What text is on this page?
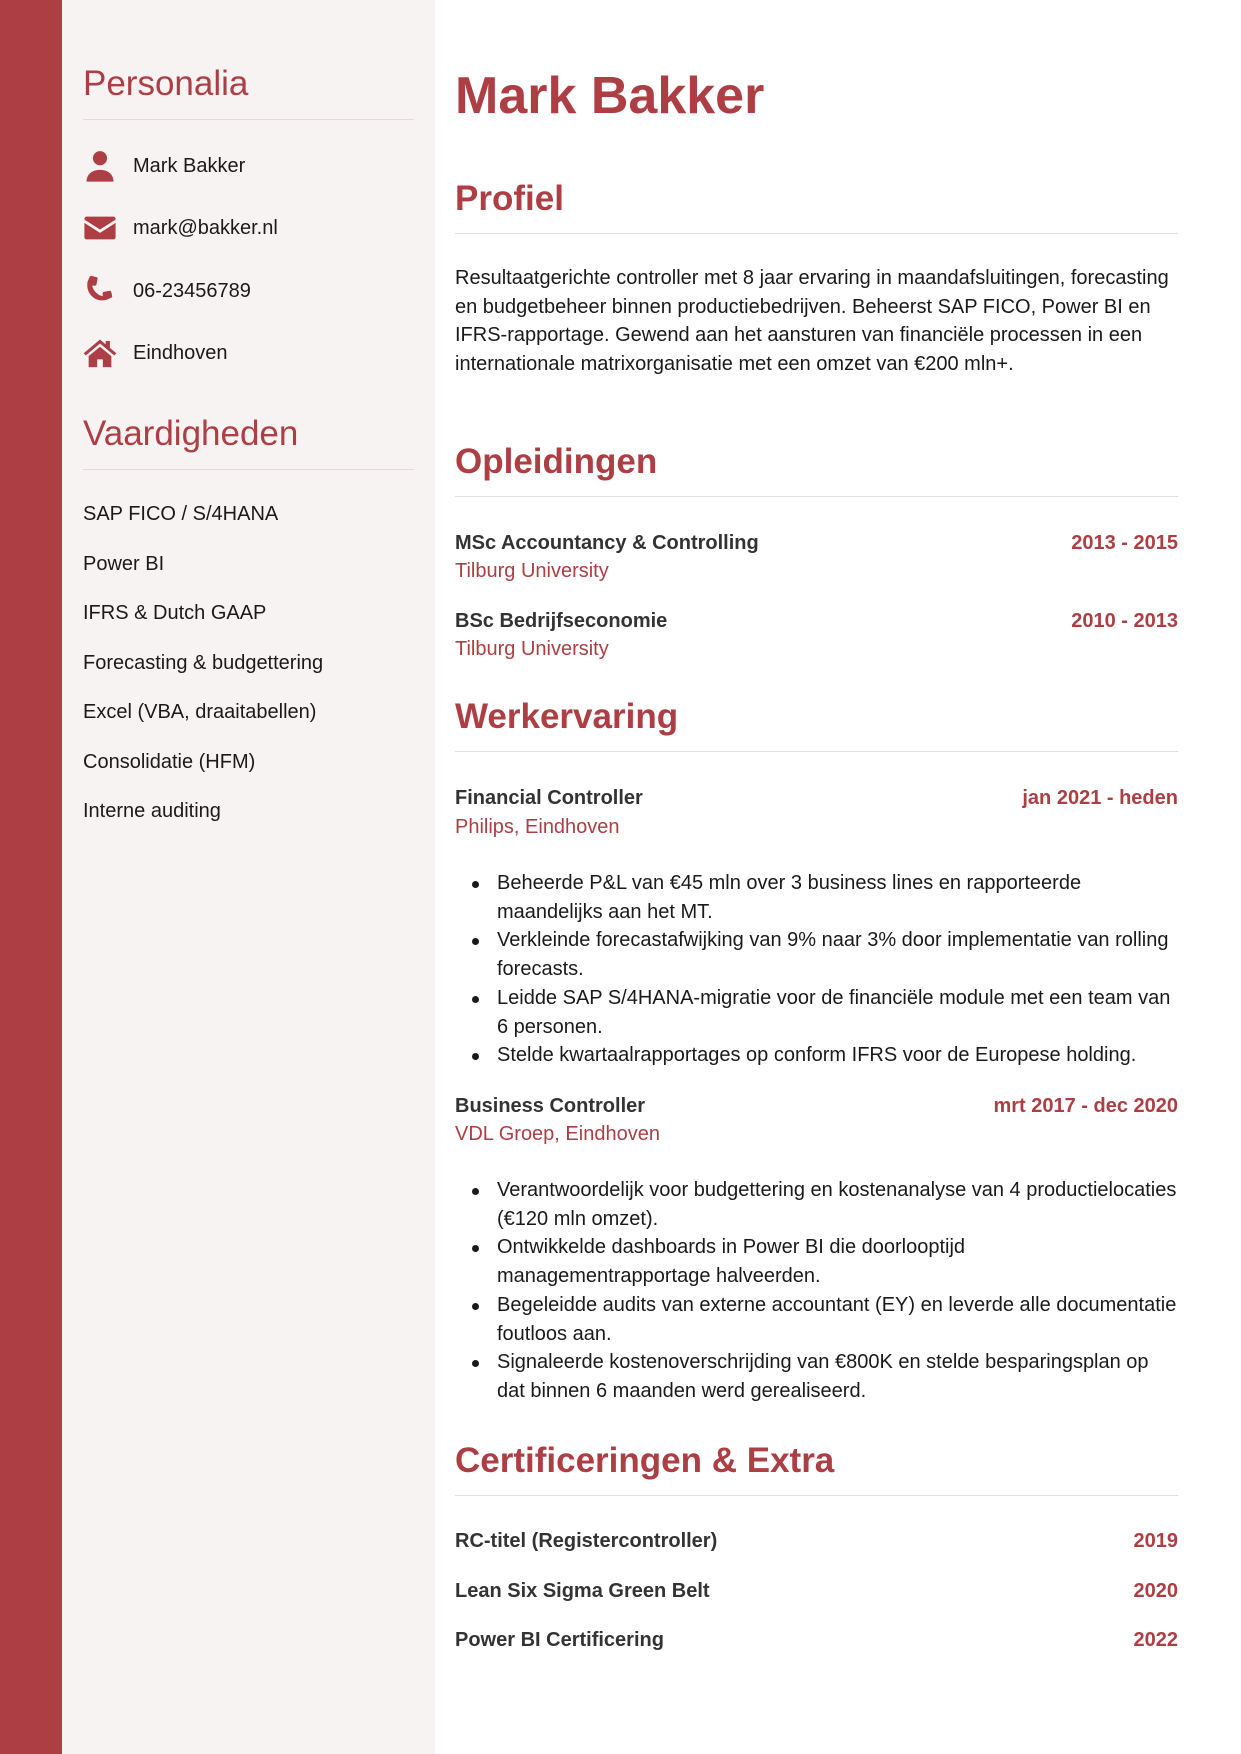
Personalia
Mark Bakker
mark@bakker.nl
06-23456789
Eindhoven
Vaardigheden
SAP FICO / S/4HANA
Power BI
IFRS & Dutch GAAP
Forecasting & budgettering
Excel (VBA, draaitabellen)
Consolidatie (HFM)
Interne auditing
Mark Bakker
Profiel

Resultaatgerichte controller met 8 jaar ervaring in maandafsluitingen, forecasting en budgetbeheer binnen productiebedrijven. Beheerst SAP FICO, Power BI en IFRS-rapportage. Gewend aan het aansturen van financiële processen in een internationale matrixorganisatie met een omzet van €200 mln+.

Opleidingen
MSc Accountancy & Controlling	2013 - 2015
Tilburg University
BSc Bedrijfseconomie	2010 - 2013
Tilburg University
Werkervaring
Financial Controller	jan 2021 - heden
Philips, Eindhoven
Beheerde P&L van €45 mln over 3 business lines en rapporteerde maandelijks aan het MT.
Verkleinde forecastafwijking van 9% naar 3% door implementatie van rolling forecasts.
Leidde SAP S/4HANA-migratie voor de financiële module met een team van 6 personen.
Stelde kwartaalrapportages op conform IFRS voor de Europese holding.
Business Controller	mrt 2017 - dec 2020
VDL Groep, Eindhoven
Verantwoordelijk voor budgettering en kostenanalyse van 4 productielocaties (€120 mln omzet).
Ontwikkelde dashboards in Power BI die doorlooptijd managementrapportage halveerden.
Begeleidde audits van externe accountant (EY) en leverde alle documentatie foutloos aan.
Signaleerde kostenoverschrijding van €800K en stelde besparingsplan op dat binnen 6 maanden werd gerealiseerd.
Certificeringen & Extra
RC-titel (Registercontroller)	2019
Lean Six Sigma Green Belt	2020
Power BI Certificering	2022
